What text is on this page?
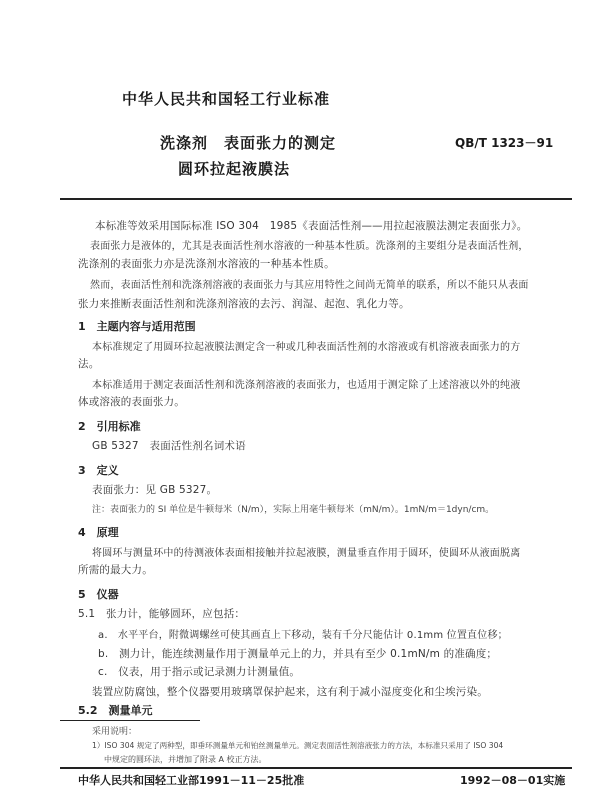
中华人民共和国轻工行业标准
洗涤剂　表面张力的测定
圆环拉起液膜法
QB/T 1323－91
本标准等效采用国际标准 ISO 304　1985《表面活性剂——用拉起液膜法测定表面张力》。
表面张力是液体的，尤其是表面活性剂水溶液的一种基本性质。洗涤剂的主要组分是表面活性剂，
洗涤剂的表面张力亦是洗涤剂水溶液的一种基本性质。
然而，表面活性剂和洗涤剂溶液的表面张力与其应用特性之间尚无简单的联系，所以不能只从表面
张力来推断表面活性剂和洗涤剂溶液的去污、润湿、起泡、乳化力等。
1　主题内容与适用范围
本标准规定了用圆环拉起液膜法测定含一种或几种表面活性剂的水溶液或有机溶液表面张力的方
法。
本标准适用于测定表面活性剂和洗涤剂溶液的表面张力，也适用于测定除了上述溶液以外的纯液
体或溶液的表面张力。
2　引用标准
GB 5327　表面活性剂名词术语
3　定义
表面张力：见 GB 5327。
注：表面张力的 SI 单位是牛顿每米（N/m），实际上用毫牛顿每米（mN/m）。1mN/m＝1dyn/cm。
4　原理
将圆环与测量环中的待测液体表面相接触并拉起液膜，测量垂直作用于圆环，使圆环从液面脱离
所需的最大力。
5　仪器
5.1　张力计，能够圆环，应包括：
a.　水平平台，附微调螺丝可使其画直上下移动，装有千分尺能估计 0.1mm 位置直位移；
b.　测力计，能连续测量作用于测量单元上的力，并具有至少 0.1mN/m 的准确度；
c.　仪表，用于指示或记录测力计测量值。
装置应防腐蚀，整个仪器要用玻璃罩保护起来，这有利于减小湿度变化和尘埃污染。
5.2　测量单元
采用说明：
1）ISO 304 规定了两种型，即垂环测量单元和铂丝测量单元。测定表面活性剂溶液张力的方法，本标准只采用了 ISO 304
中规定的圆环法，并增加了附录 A 校正方法。
中华人民共和国轻工业部1991－11－25批准	1992－08－01实施
